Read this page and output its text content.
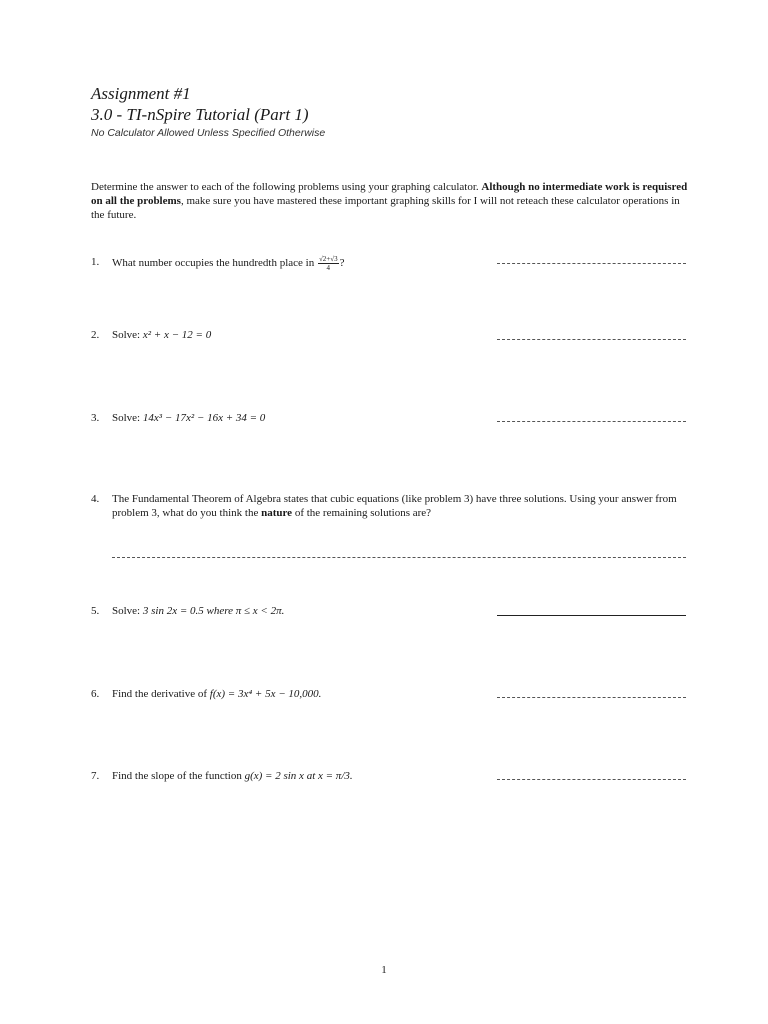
Assignment #1
3.0 - TI-nSpire Tutorial (Part 1)
No Calculator Allowed Unless Specified Otherwise
Determine the answer to each of the following problems using your graphing calculator. Although no intermediate work is requisred on all the problems, make sure you have mastered these important graphing skills for I will not reteach these calculator operations in the future.
1.	What number occupies the hundredth place in $\frac{√2+√3}{4}$ ?
2.	Solve: x² + x − 12 = 0
3.	Solve: 14x³ − 17x² − 16x + 34 = 0
4.	The Fundamental Theorem of Algebra states that cubic equations (like problem 3) have three solutions. Using your answer from problem 3, what do you think the nature of the remaining solutions are?
5.	Solve: 3 sin 2x = 0.5 where π ≤ x < 2π.
6.	Find the derivative of f(x) = 3x⁴ + 5x − 10,000.
7.	Find the slope of the function g(x) = 2 sin x at x = π/3.
1
